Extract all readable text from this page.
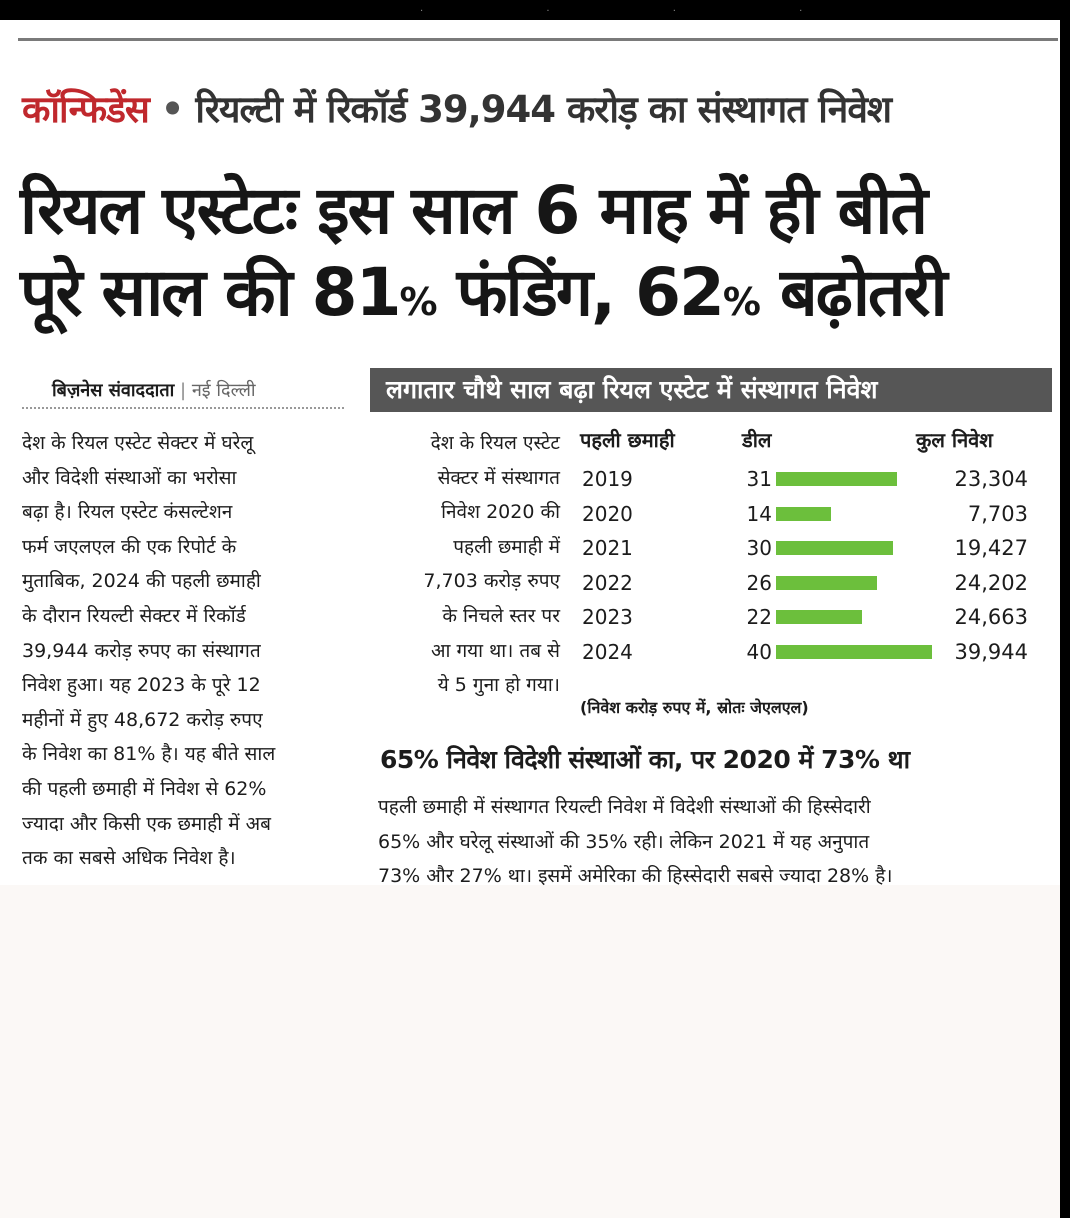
· · · ·
कॉन्फिडेंस • रियल्टी में रिकॉर्ड 39,944 करोड़ का संस्थागत निवेश
रियल एस्टेटः इस साल 6 माह में ही बीते
पूरे साल की 81% फंडिंग, 62% बढ़ोतरी
बिज़नेस संवाददाता | नई दिल्ली	लगातार चौथे साल बढ़ा रियल एस्टेट में संस्थागत निवेश
देश के रियल एस्टेट सेक्टर में घरेलू
और विदेशी संस्थाओं का भरोसा
बढ़ा है। रियल एस्टेट कंसल्टेशन
फर्म जएलएल की एक रिपोर्ट के
मुताबिक, 2024 की पहली छमाही
के दौरान रियल्टी सेक्टर में रिकॉर्ड
39,944 करोड़ रुपए का संस्थागत
निवेश हुआ। यह 2023 के पूरे 12
महीनों में हुए 48,672 करोड़ रुपए
के निवेश का 81% है। यह बीते साल
की पहली छमाही में निवेश से 62%
ज्यादा और किसी एक छमाही में अब
तक का सबसे अधिक निवेश है।
देश के रियल एस्टेट
सेक्टर में संस्थागत
निवेश 2020 की
पहली छमाही में
7,703 करोड़ रुपए
के निचले स्तर पर
आ गया था। तब से
ये 5 गुना हो गया।
पहली छमाही	डील	कुल निवेश
2019	31	23,304
2020	14	7,703
2021	30	19,427
2022	26	24,202
2023	22	24,663
2024	40	39,944
(निवेश करोड़ रुपए में, स्रोतः जेएलएल)
65% निवेश विदेशी संस्थाओं का, पर 2020 में 73% था
पहली छमाही में संस्थागत रियल्टी निवेश में विदेशी संस्थाओं की हिस्सेदारी
65% और घरेलू संस्थाओं की 35% रही। लेकिन 2021 में यह अनुपात
73% और 27% था। इसमें अमेरिका की हिस्सेदारी सबसे ज्यादा 28% है।
